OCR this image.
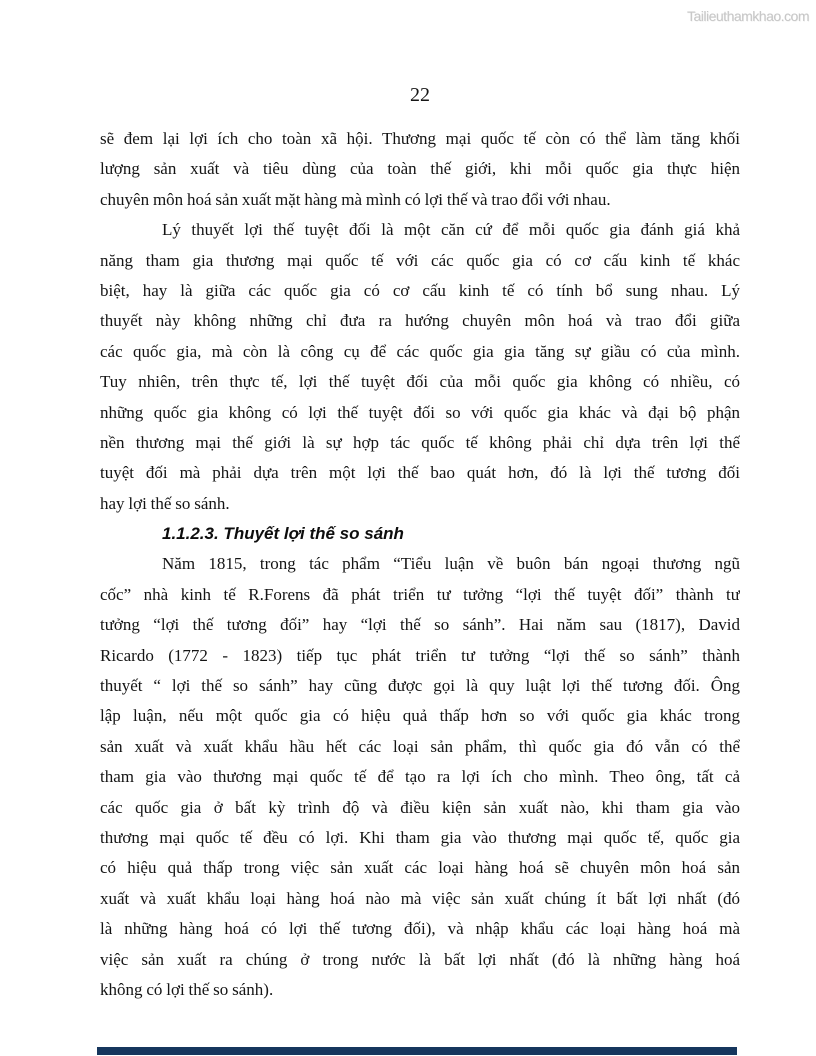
Tailieuthamkhao.com
22
sẽ đem lại lợi ích cho toàn xã hội. Thương mại quốc tế còn có thể làm tăng khối
lượng sản xuất và tiêu dùng của toàn thế giới, khi mỗi quốc gia thực hiện
chuyên môn hoá sản xuất mặt hàng mà mình có lợi thế và trao đổi với nhau.
Lý thuyết lợi thế tuyệt đối là một căn cứ để mỗi quốc gia đánh giá khả
năng tham gia thương mại quốc tế với các quốc gia có cơ cấu kinh tế khác
biệt, hay là giữa các quốc gia có cơ cấu kinh tế có tính bổ sung nhau. Lý
thuyết này không những chỉ đưa ra hướng chuyên môn hoá và trao đổi giữa
các quốc gia, mà còn là công cụ để các quốc gia gia tăng sự giầu có của mình.
Tuy nhiên, trên thực tế, lợi thế tuyệt đối của mỗi quốc gia không có nhiều, có
những quốc gia không có lợi thế tuyệt đối so với quốc gia khác và đại bộ phận
nền thương mại thế giới là sự hợp tác quốc tế không phải chỉ dựa trên lợi thế
tuyệt đối mà phải dựa trên một lợi thế bao quát hơn, đó là lợi thế tương đối
hay lợi thế so sánh.
1.1.2.3. Thuyết lợi thế so sánh
Năm 1815, trong tác phẩm “Tiểu luận về buôn bán ngoại thương ngũ
cốc” nhà kinh tế R.Forens đã phát triển tư tưởng “lợi thế tuyệt đối” thành tư
tưởng “lợi thế tương đối” hay “lợi thế so sánh”. Hai năm sau (1817), David
Ricardo (1772 - 1823) tiếp tục phát triển tư tưởng “lợi thế so sánh” thành
thuyết “ lợi thế so sánh” hay cũng được gọi là quy luật lợi thế tương đối. Ông
lập luận, nếu một quốc gia có hiệu quả thấp hơn so với quốc gia khác trong
sản xuất và xuất khẩu hầu hết các loại sản phẩm, thì quốc gia đó vẫn có thể
tham gia vào thương mại quốc tế để tạo ra lợi ích cho mình. Theo ông, tất cả
các quốc gia ở bất kỳ trình độ và điều kiện sản xuất nào, khi tham gia vào
thương mại quốc tế đều có lợi. Khi tham gia vào thương mại quốc tế, quốc gia
có hiệu quả thấp trong việc sản xuất các loại hàng hoá sẽ chuyên môn hoá sản
xuất và xuất khẩu loại hàng hoá nào mà việc sản xuất chúng ít bất lợi nhất (đó
là những hàng hoá có lợi thế tương đối), và nhập khẩu các loại hàng hoá mà
việc sản xuất ra chúng ở trong nước là bất lợi nhất (đó là những hàng hoá
không có lợi thế so sánh).
